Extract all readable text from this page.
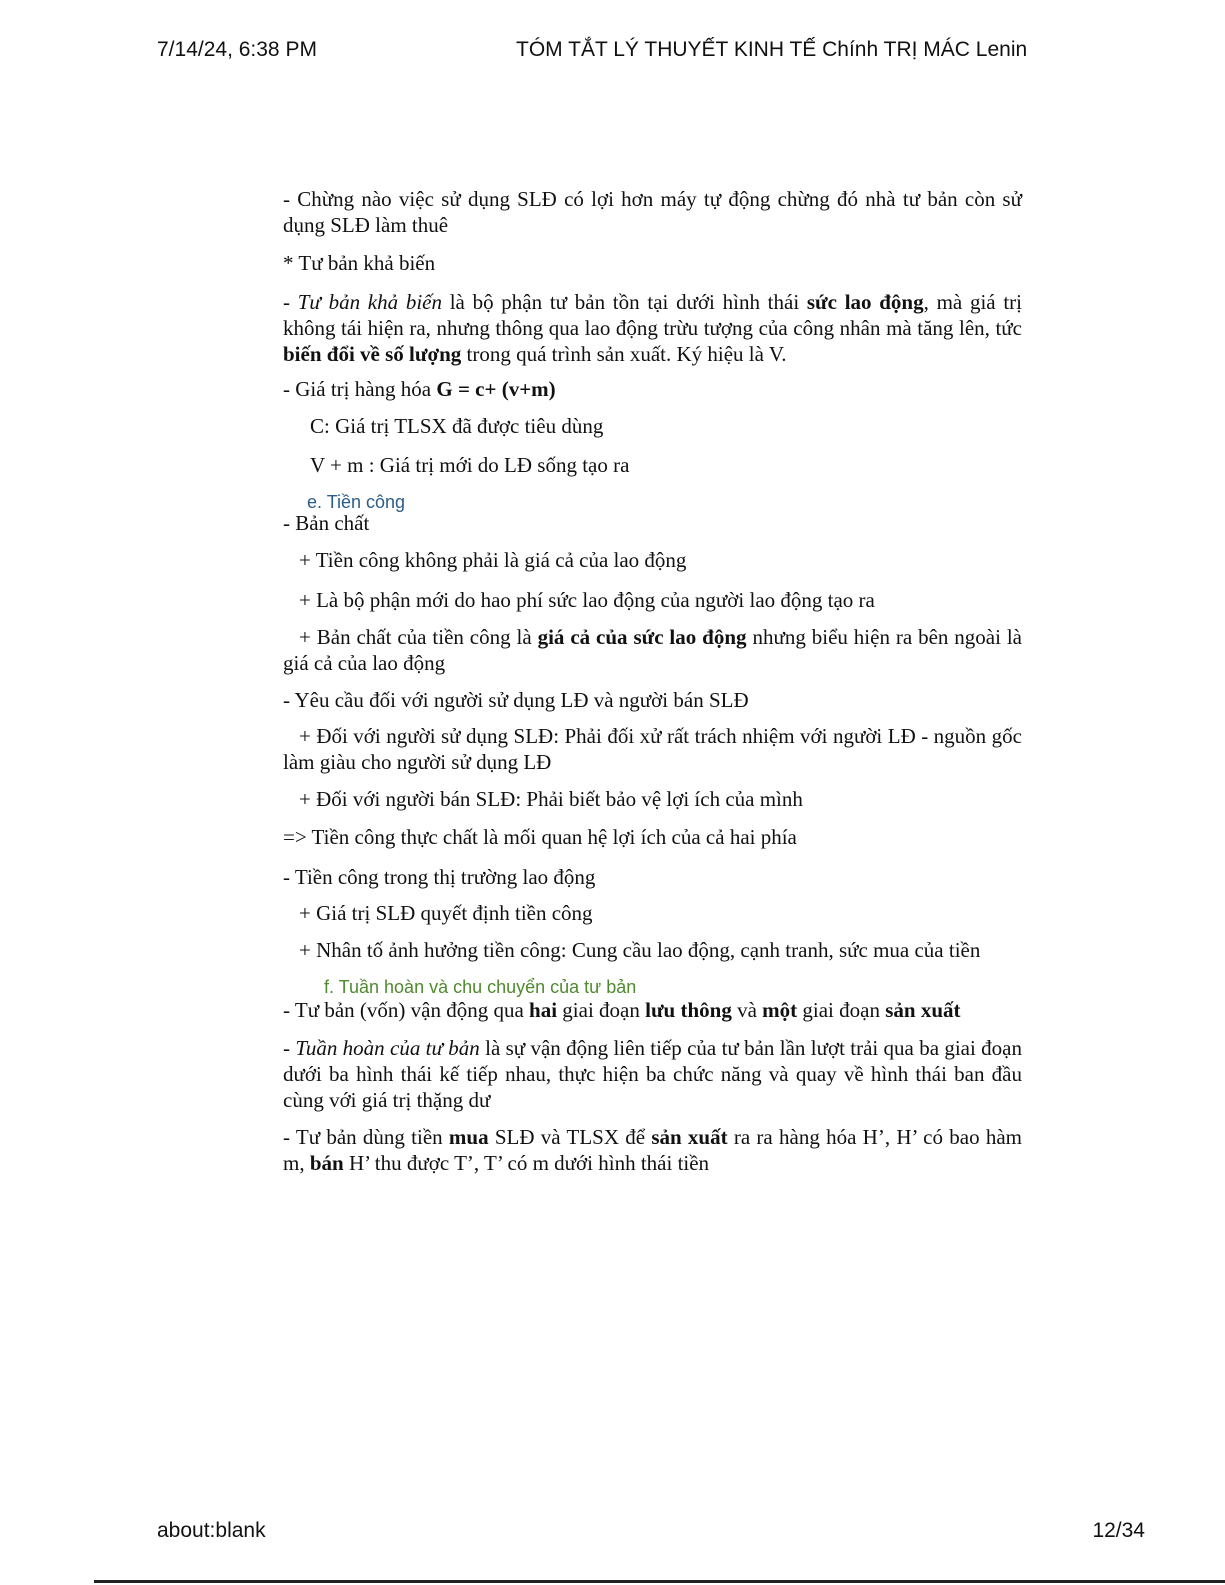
7/14/24, 6:38 PM	TÓM TẮT LÝ THUYẾT KINH TẾ Chính TRỊ MÁC Lenin

- Chừng nào việc sử dụng SLĐ có lợi hơn máy tự động chừng đó nhà tư bản còn sử dụng SLĐ làm thuê

* Tư bản khả biến

- Tư bản khả biến là bộ phận tư bản tồn tại dưới hình thái sức lao động, mà giá trị không tái hiện ra, nhưng thông qua lao động trừu tượng của công nhân mà tăng lên, tức biến đổi về số lượng trong quá trình sản xuất. Ký hiệu là V.

- Giá trị hàng hóa G = c+ (v+m)

C: Giá trị TLSX đã được tiêu dùng

V + m : Giá trị mới do LĐ sống tạo ra

e. Tiền công

- Bản chất

+ Tiền công không phải là giá cả của lao động

+ Là bộ phận mới do hao phí sức lao động của người lao động tạo ra

+ Bản chất của tiền công là giá cả của sức lao động nhưng biểu hiện ra bên ngoài là giá cả của lao động

- Yêu cầu đối với người sử dụng LĐ và người bán SLĐ

+ Đối với người sử dụng SLĐ: Phải đối xử rất trách nhiệm với người LĐ - nguồn gốc làm giàu cho người sử dụng LĐ

+ Đối với người bán SLĐ: Phải biết bảo vệ lợi ích của mình

=> Tiền công thực chất là mối quan hệ lợi ích của cả hai phía

- Tiền công trong thị trường lao động

+ Giá trị SLĐ quyết định tiền công

+ Nhân tố ảnh hưởng tiền công: Cung cầu lao động, cạnh tranh, sức mua của tiền

f. Tuần hoàn và chu chuyển của tư bản

- Tư bản (vốn) vận động qua hai giai đoạn lưu thông và một giai đoạn sản xuất

- Tuần hoàn của tư bản là sự vận động liên tiếp của tư bản lần lượt trải qua ba giai đoạn dưới ba hình thái kế tiếp nhau, thực hiện ba chức năng và quay về hình thái ban đầu cùng với giá trị thặng dư

- Tư bản dùng tiền mua SLĐ và TLSX để sản xuất ra ra hàng hóa H’, H’ có bao hàm m, bán H’ thu được T’, T’ có m dưới hình thái tiền

about:blank	12/34
